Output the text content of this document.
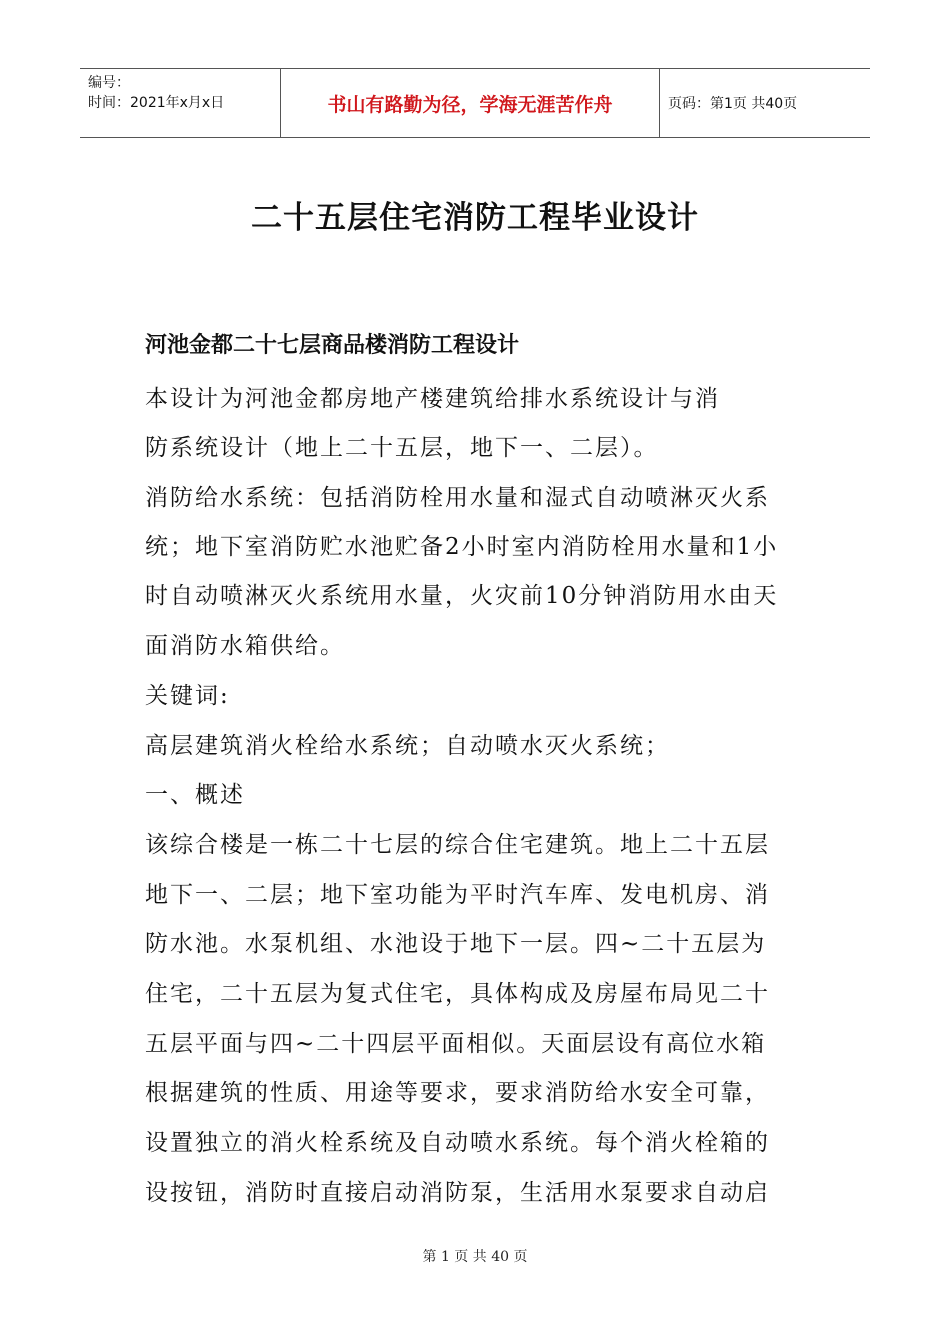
编号：
时间：2021年x月x日	书山有路勤为径，学海无涯苦作舟	页码：第1页 共40页
二十五层住宅消防工程毕业设计
河池金都二十七层商品楼消防工程设计
本设计为河池金都房地产楼建筑给排水系统设计与消
防系统设计（地上二十五层，地下一、二层）。
消防给水系统：包括消防栓用水量和湿式自动喷淋灭火系
统；地下室消防贮水池贮备2小时室内消防栓用水量和1小
时自动喷淋灭火系统用水量，火灾前10分钟消防用水由天
面消防水箱供给。
关键词:
高层建筑消火栓给水系统；自动喷水灭火系统；
一、概述
该综合楼是一栋二十七层的综合住宅建筑。地上二十五层
地下一、二层；地下室功能为平时汽车库、发电机房、消
防水池。水泵机组、水池设于地下一层。四~二十五层为
住宅，二十五层为复式住宅，具体构成及房屋布局见二十
五层平面与四~二十四层平面相似。天面层设有高位水箱
根据建筑的性质、用途等要求，要求消防给水安全可靠，
设置独立的消火栓系统及自动喷水系统。每个消火栓箱的
设按钮，消防时直接启动消防泵，生活用水泵要求自动启
第 1 页 共 40 页
